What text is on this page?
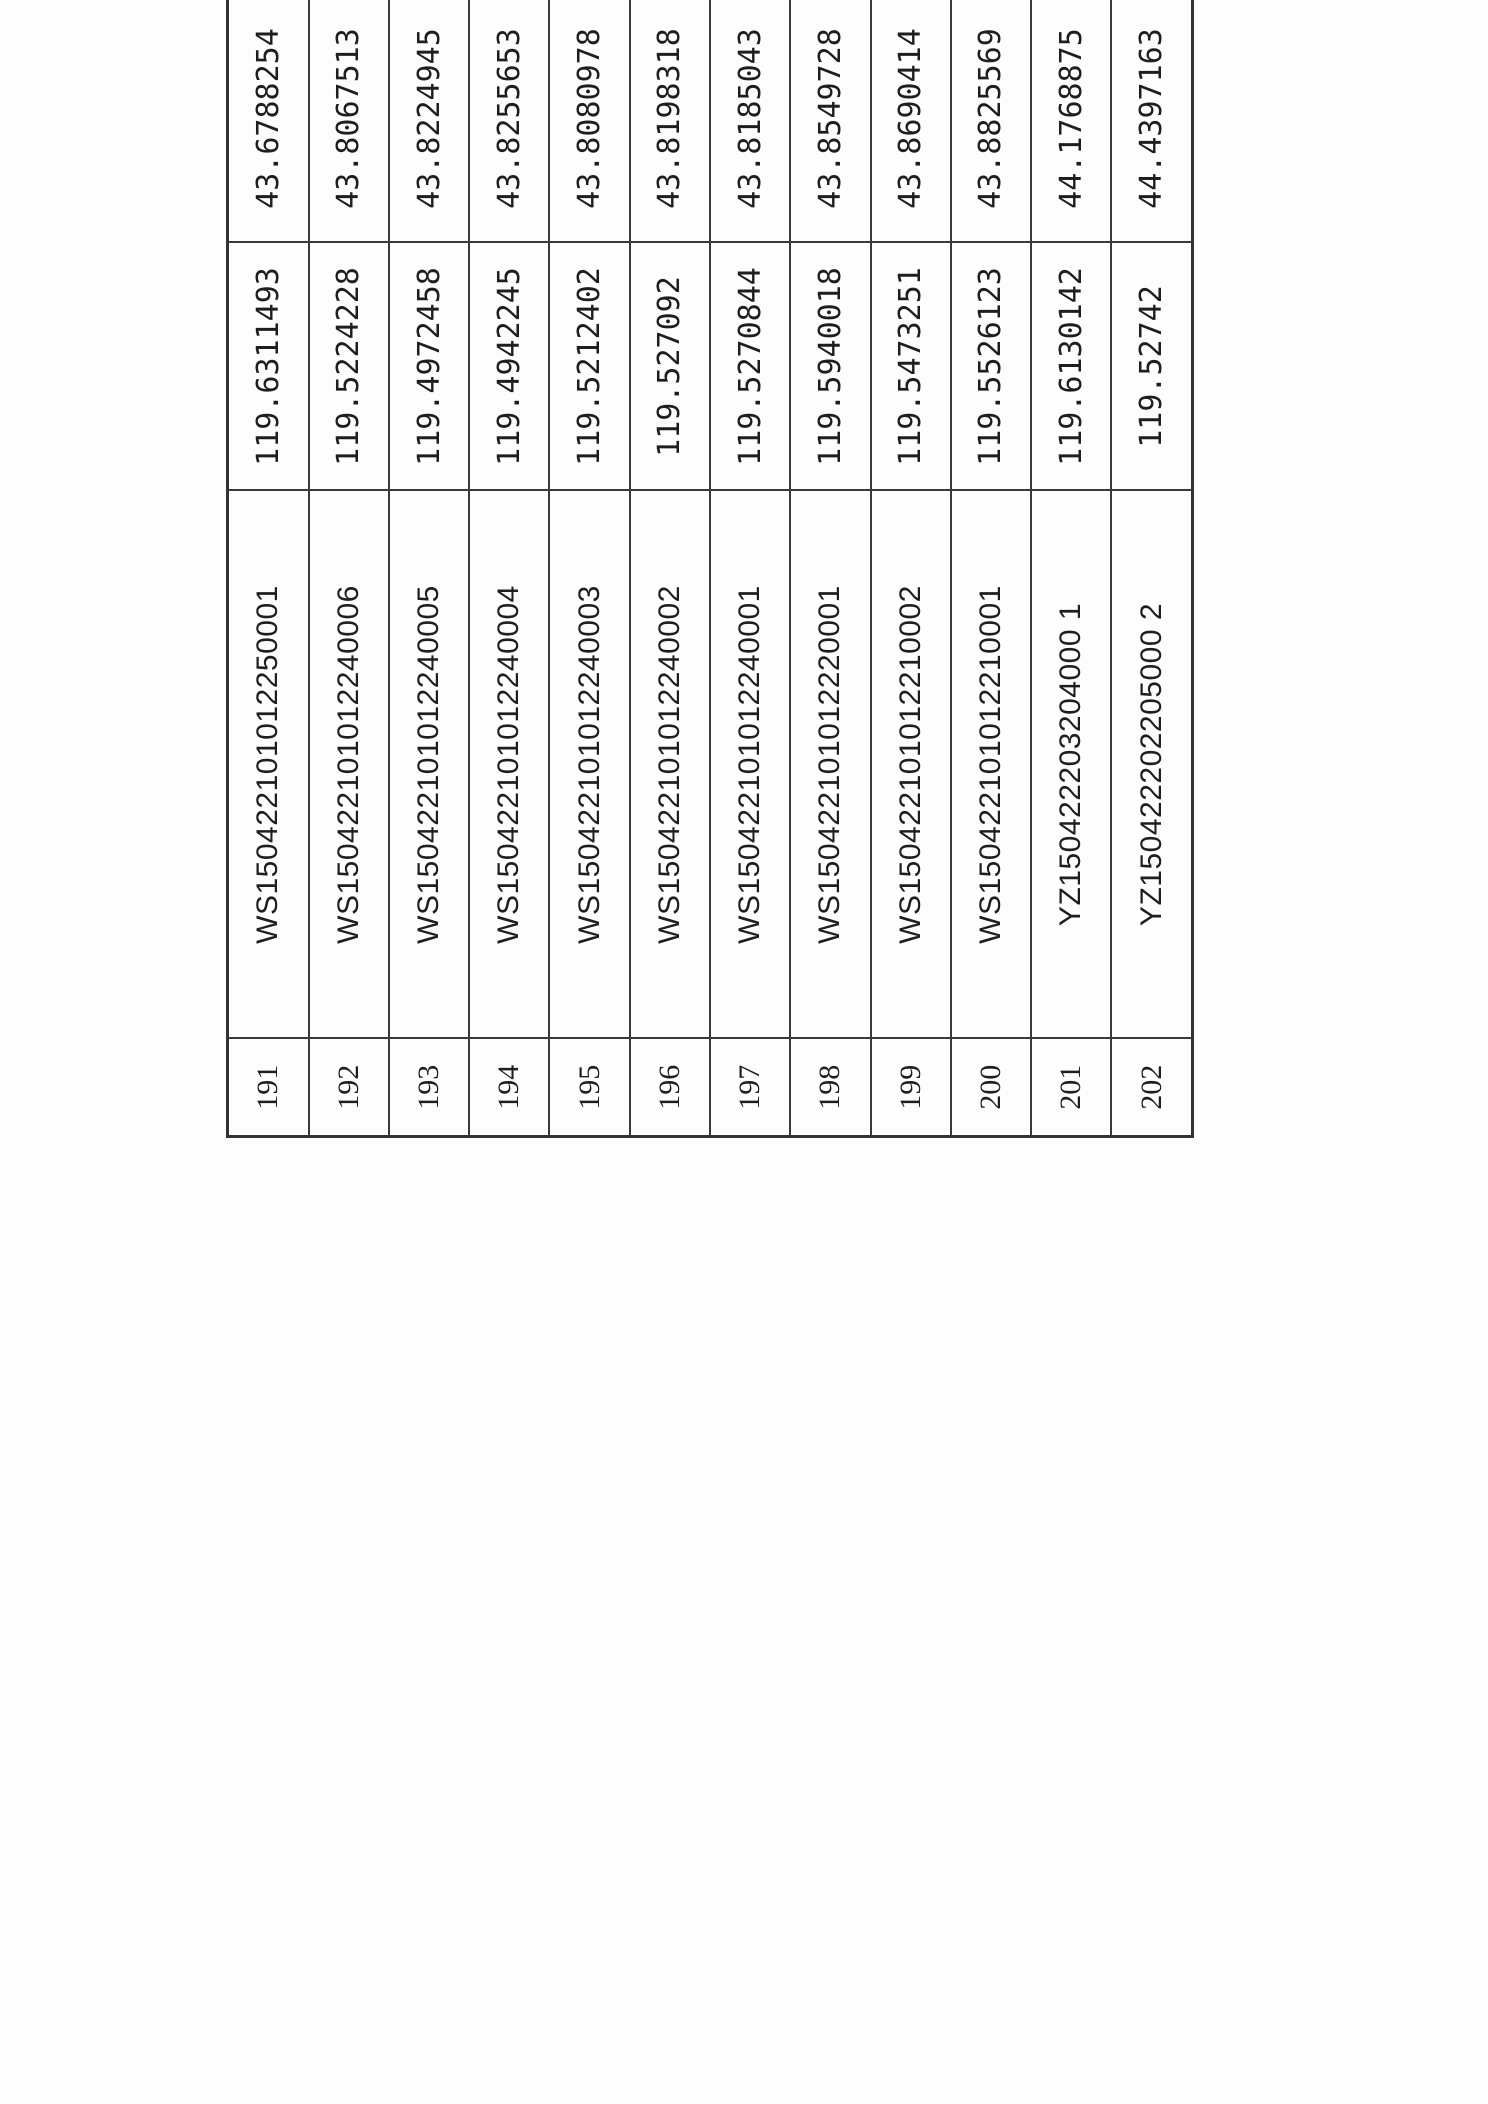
191	WS150422101012250001	119.6311493	43.6788254		
192	WS150422101012240006	119.5224228	43.8067513		
193	WS150422101012240005	119.4972458	43.8224945		
194	WS150422101012240004	119.4942245	43.8255653		
195	WS150422101012240003	119.5212402	43.8080978		
196	WS150422101012240002	119.527092	43.8198318		
197	WS150422101012240001	119.5270844	43.8185043		
198	WS150422101012220001	119.5940018	43.8549728		
199	WS150422101012210002	119.5473251	43.8690414		
200	WS150422101012210001	119.5526123	43.8825569		
201	YZ150422203204000 1	119.6130142	44.1768875		
202	YZ150422202205000 2	119.52742	44.4397163		
